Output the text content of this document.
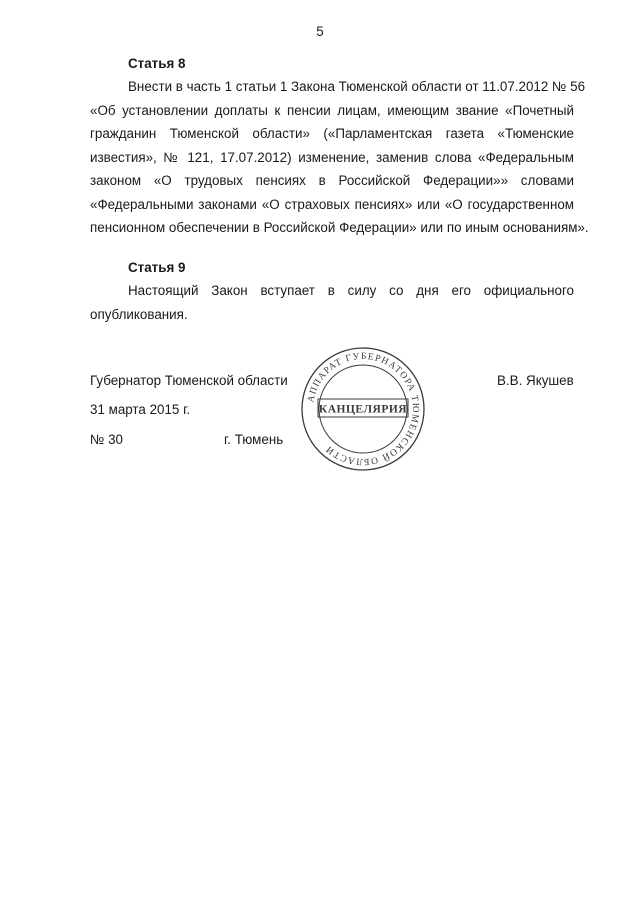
5
Статья 8
Внести в часть 1 статьи 1 Закона Тюменской области от 11.07.2012 № 56
«Об установлении доплаты к пенсии лицам, имеющим звание «Почетный
гражданин Тюменской области» («Парламентская газета «Тюменские
известия», № 121, 17.07.2012) изменение, заменив слова «Федеральным
законом «О трудовых пенсиях в Российской Федерации»» словами
«Федеральными законами «О страховых пенсиях» или «О государственном
пенсионном обеспечении в Российской Федерации» или по иным основаниям».
Статья 9
Настоящий Закон вступает в силу со дня его официального
опубликования.
Губернатор Тюменской области	В.В. Якушев
31 марта 2015 г.
№ 30	г. Тюмень
АППАРАТ ГУБЕРНАТОРА ТЮМЕНСКОЙ ОБЛАСТИ
КАНЦЕЛЯРИЯ
